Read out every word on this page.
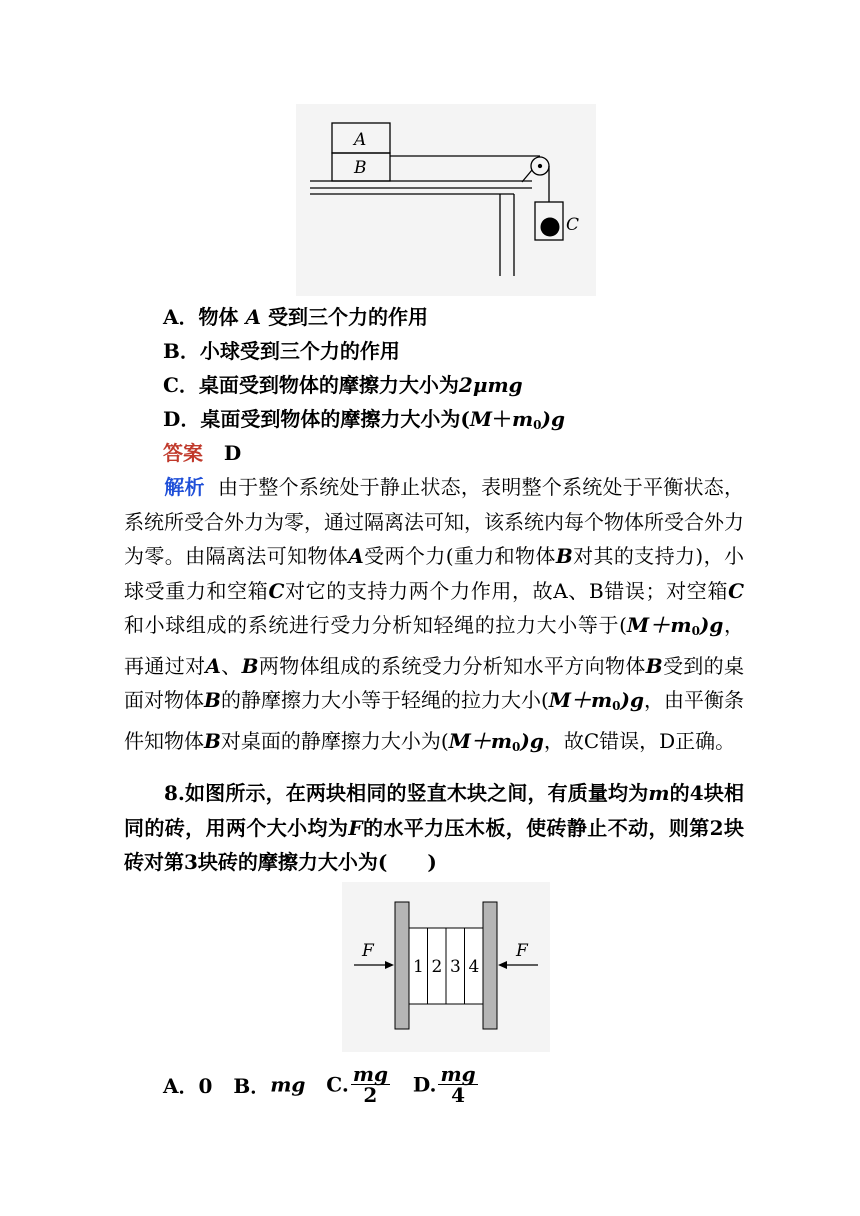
A
B
C
A．物体 A 受到三个力的作用
B．小球受到三个力的作用
C．桌面受到物体的摩擦力大小为2μmg
D．桌面受到物体的摩擦力大小为$(M+m_0)g$
答案 D
解析 由于整个系统处于静止状态，表明整个系统处于平衡状态，系统所受合外力为零，通过隔离法可知，该系统内每个物体所受合外力为零。由隔离法可知物体A受两个力(重力和物体B对其的支持力)，小球受重力和空箱C对它的支持力两个力作用，故A、B错误；对空箱C和小球组成的系统进行受力分析知轻绳的拉力大小等于$(M+m_0)g$，再通过对A、B两物体组成的系统受力分析知水平方向物体B受到的桌面对物体B的静摩擦力大小等于轻绳的拉力大小$(M+m_0)g$，由平衡条件知物体B对桌面的静摩擦力大小为$(M+m_0)g$，故C错误，D正确。
8.如图所示，在两块相同的竖直木块之间，有质量均为m的4块相同的砖，用两个大小均为F的水平力压木板，使砖静止不动，则第2块砖对第3块砖的摩擦力大小为(　　)
F	F
1 2 3 4
A．0 B．mg C. $\frac{mg}{2} D$. $\frac{mg}{4}$
